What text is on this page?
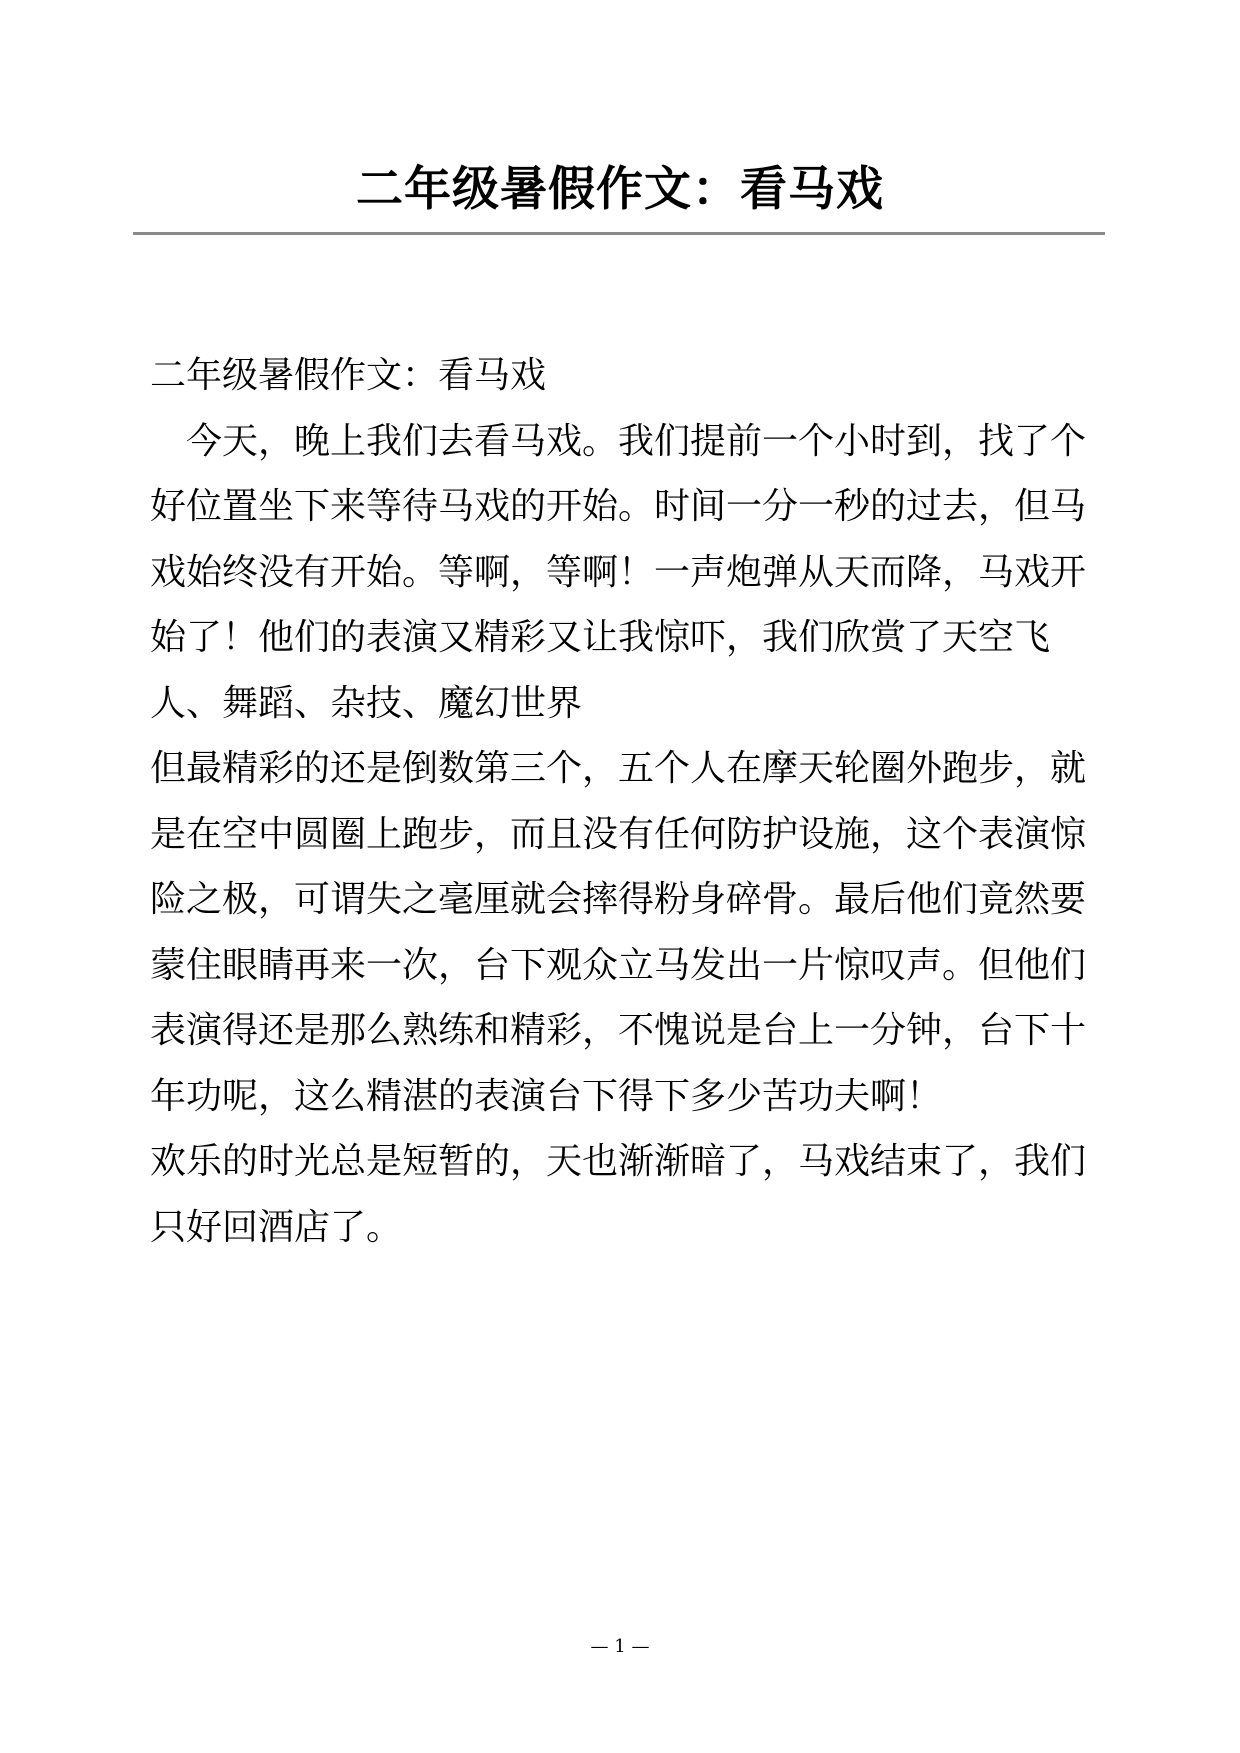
二年级暑假作文：看马戏

二年级暑假作文：看马戏

今天，晚上我们去看马戏。我们提前一个小时到，找了个好位置坐下来等待马戏的开始。时间一分一秒的过去，但马戏始终没有开始。等啊，等啊！一声炮弹从天而降，马戏开始了！他们的表演又精彩又让我惊吓，我们欣赏了天空飞人、舞蹈、杂技、魔幻世界

但最精彩的还是倒数第三个，五个人在摩天轮圈外跑步，就是在空中圆圈上跑步，而且没有任何防护设施，这个表演惊险之极，可谓失之毫厘就会摔得粉身碎骨。最后他们竟然要蒙住眼睛再来一次，台下观众立马发出一片惊叹声。但他们表演得还是那么熟练和精彩，不愧说是台上一分钟，台下十年功呢，这么精湛的表演台下得下多少苦功夫啊！

欢乐的时光总是短暂的，天也渐渐暗了，马戏结束了，我们只好回酒店了。

— 1 —
